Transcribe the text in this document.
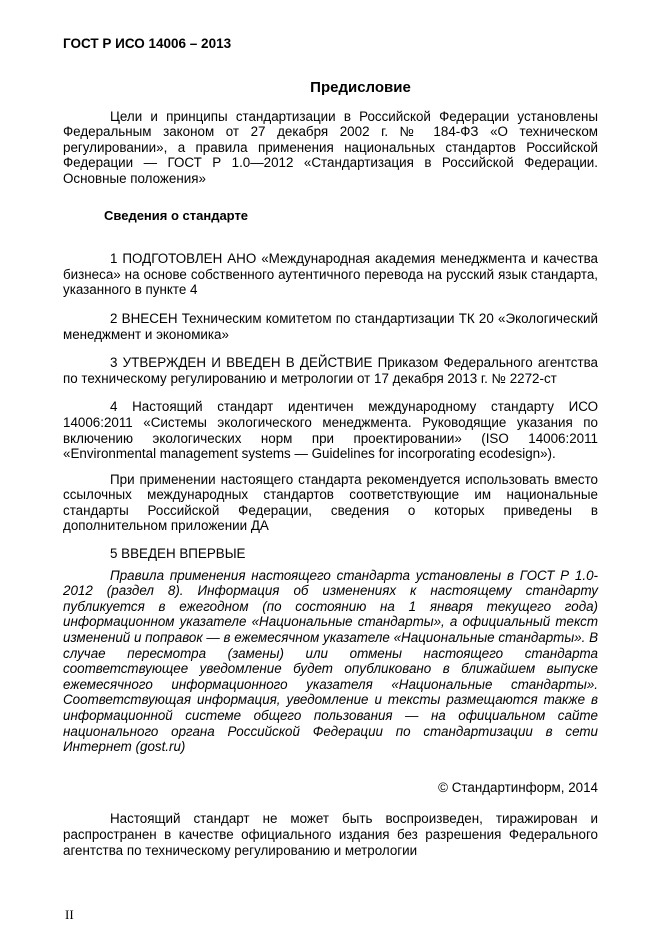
ГОСТ Р ИСО 14006 – 2013
Предисловие

Цели и принципы стандартизации в Российской Федерации установлены Федеральным законом от 27 декабря 2002 г. № 184-ФЗ «О техническом регулировании», а правила применения национальных стандартов Российской Федерации — ГОСТ Р 1.0—2012 «Стандартизация в Российской Федерации. Основные положения»

Сведения о стандарте

1 ПОДГОТОВЛЕН АНО «Международная академия менеджмента и качества бизнеса» на основе собственного аутентичного перевода на русский язык стандарта, указанного в пункте 4

2 ВНЕСЕН Техническим комитетом по стандартизации ТК 20 «Экологический менеджмент и экономика»

3 УТВЕРЖДЕН И ВВЕДЕН В ДЕЙСТВИЕ Приказом Федерального агентства по техническому регулированию и метрологии от 17 декабря 2013 г. № 2272-ст

4 Настоящий стандарт идентичен международному стандарту ИСО 14006:2011 «Системы экологического менеджмента. Руководящие указания по включению экологических норм при проектировании» (ISO 14006:2011 «Environmental management systems — Guidelines for incorporating ecodesign»).

При применении настоящего стандарта рекомендуется использовать вместо ссылочных международных стандартов соответствующие им национальные стандарты Российской Федерации, сведения о которых приведены в дополнительном приложении ДА

5 ВВЕДЕН ВПЕРВЫЕ

Правила применения настоящего стандарта установлены в ГОСТ Р 1.0-2012 (раздел 8). Информация об изменениях к настоящему стандарту публикуется в ежегодном (по состоянию на 1 января текущего года) информационном указателе «Национальные стандарты», а официальный текст изменений и поправок — в ежемесячном указателе «Национальные стандарты». В случае пересмотра (замены) или отмены настоящего стандарта соответствующее уведомление будет опубликовано в ближайшем выпуске ежемесячного информационного указателя «Национальные стандарты». Соответствующая информация, уведомление и тексты размещаются также в информационной системе общего пользования — на официальном сайте национального органа Российской Федерации по стандартизации в сети Интернет (gost.ru)

© Стандартинформ, 2014

Настоящий стандарт не может быть воспроизведен, тиражирован и распространен в качестве официального издания без разрешения Федерального агентства по техническому регулированию и метрологии

II
